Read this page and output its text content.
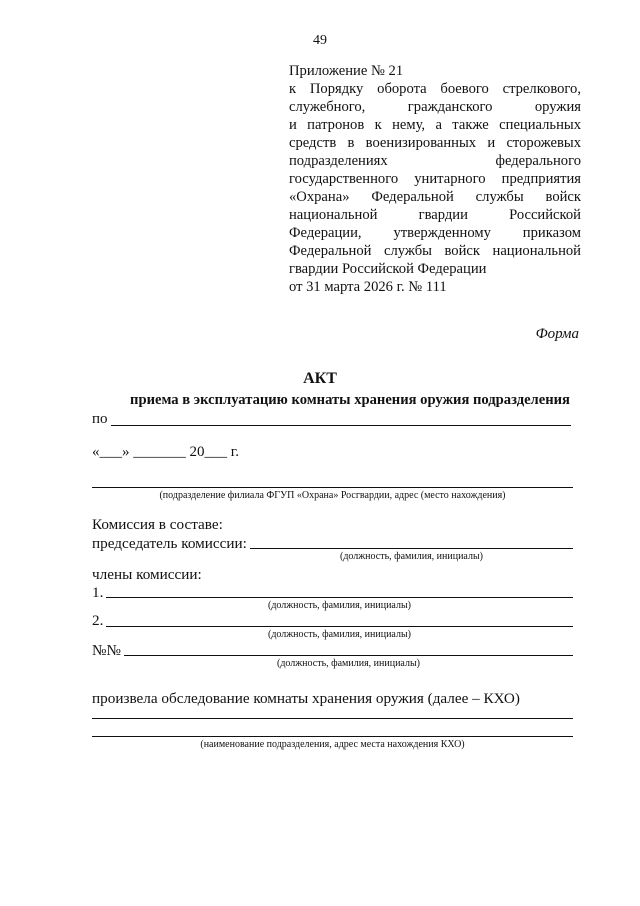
49
Приложение № 21
к Порядку оборота боевого стрелкового,
служебного, гражданского оружия
и патронов к нему, а также специальных
средств в военизированных и сторожевых
подразделениях федерального
государственного унитарного предприятия
«Охрана» Федеральной службы войск
национальной гвардии Российской
Федерации, утвержденному приказом
Федеральной службы войск национальной
гвардии Российской Федерации
от 31 марта 2026 г. № 111
Форма
АКТ
приема в эксплуатацию комнаты хранения оружия подразделения
по
«___» _______ 20___ г.
(подразделение филиала ФГУП «Охрана» Росгвардии, адрес (место нахождения)
Комиссия в составе:
председатель комиссии:
(должность, фамилия, инициалы)
члены комиссии:
1.
(должность, фамилия, инициалы)
2.
(должность, фамилия, инициалы)
№№
(должность, фамилия, инициалы)
произвела обследование комнаты хранения оружия (далее – КХО)
(наименование подразделения, адрес места нахождения КХО)
